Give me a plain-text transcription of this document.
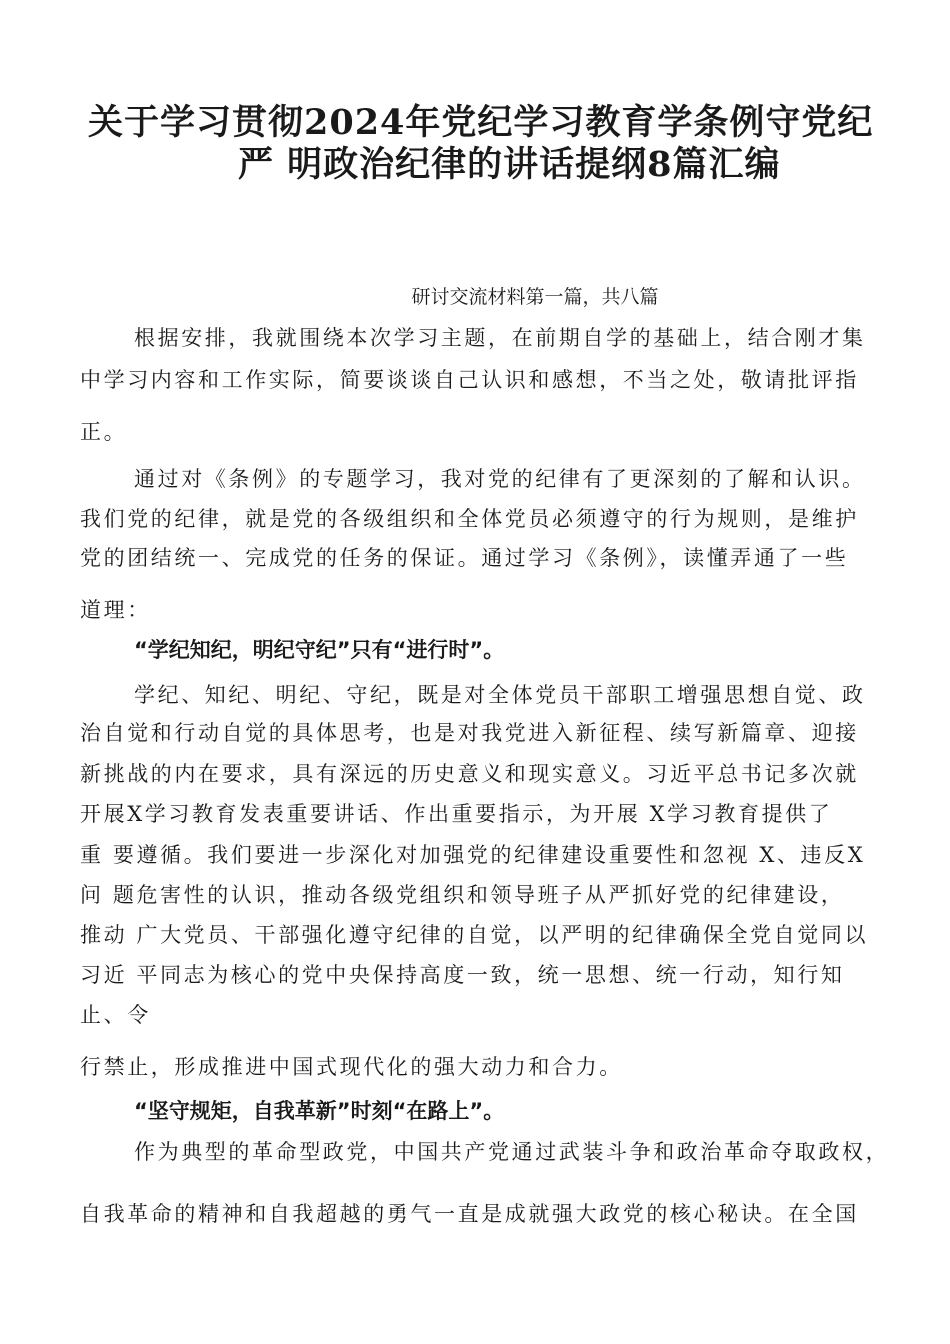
关于学习贯彻2024年党纪学习教育学条例守党纪
严 明政治纪律的讲话提纲8篇汇编
研讨交流材料第一篇，共八篇
根据安排，我就围绕本次学习主题，在前期自学的基础上，结合刚才集
中学习内容和工作实际，简要谈谈自己认识和感想，不当之处，敬请批评指
正。
通过对《条例》的专题学习，我对党的纪律有了更深刻的了解和认识。
我们党的纪律，就是党的各级组织和全体党员必须遵守的行为规则，是维护
党的团结统一、完成党的任务的保证。通过学习《条例》，读懂弄通了一些
道理：
“学纪知纪，明纪守纪”只有“进行时”。
学纪、知纪、明纪、守纪，既是对全体党员干部职工增强思想自觉、政
治自觉和行动自觉的具体思考，也是对我党进入新征程、续写新篇章、迎接
新挑战的内在要求，具有深远的历史意义和现实意义。习近平总书记多次就
开展X学习教育发表重要讲话、作出重要指示，为开展 X学习教育提供了
重 要遵循。我们要进一步深化对加强党的纪律建设重要性和忽视 X、违反X
问 题危害性的认识，推动各级党组织和领导班子从严抓好党的纪律建设，
推动 广大党员、干部强化遵守纪律的自觉，以严明的纪律确保全党自觉同以
习近 平同志为核心的党中央保持高度一致，统一思想、统一行动，知行知
止、令
行禁止，形成推进中国式现代化的强大动力和合力。
“坚守规矩，自我革新”时刻“在路上”。
作为典型的革命型政党，中国共产党通过武装斗争和政治革命夺取政权，
自我革命的精神和自我超越的勇气一直是成就强大政党的核心秘诀。在全国
